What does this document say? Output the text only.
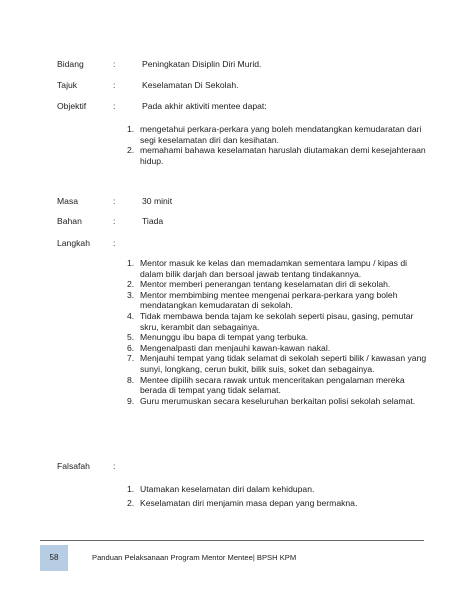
Bidang	:	Peningkatan Disiplin Diri Murid.
Tajuk	:	Keselamatan Di Sekolah.
Objektif	:	Pada akhir aktiviti mentee dapat:
1. mengetahui perkara-perkara yang boleh mendatangkan kemudaratan dari segi keselamatan diri dan kesihatan.
2. memahami bahawa keselamatan haruslah diutamakan demi kesejahteraan hidup.
Masa	:	30 minit
Bahan	:	Tiada
Langkah	:
1. Mentor masuk ke kelas dan memadamkan sementara lampu / kipas di dalam bilik darjah dan bersoal jawab tentang tindakannya.
2. Mentor memberi penerangan tentang keselamatan diri di sekolah.
3. Mentor membimbing mentee mengenai perkara-perkara yang boleh mendatangkan kemudaratan di sekolah.
4. Tidak membawa benda tajam ke sekolah seperti pisau, gasing, pemutar skru, kerambit dan sebagainya.
5. Menunggu ibu bapa di tempat yang terbuka.
6. Mengenalpasti dan menjauhi kawan-kawan nakal.
7. Menjauhi tempat yang tidak selamat di sekolah seperti bilik / kawasan yang sunyi, longkang, cerun bukit, bilik suis, soket dan sebagainya.
8. Mentee dipilih secara rawak untuk menceritakan pengalaman mereka berada di tempat yang tidak selamat.
9. Guru merumuskan secara keseluruhan berkaitan polisi sekolah selamat.
Falsafah	:
1. Utamakan keselamatan diri dalam kehidupan.
2. Keselamatan diri menjamin masa depan yang bermakna.
58	Panduan Pelaksanaan Program Mentor Mentee| BPSH KPM
